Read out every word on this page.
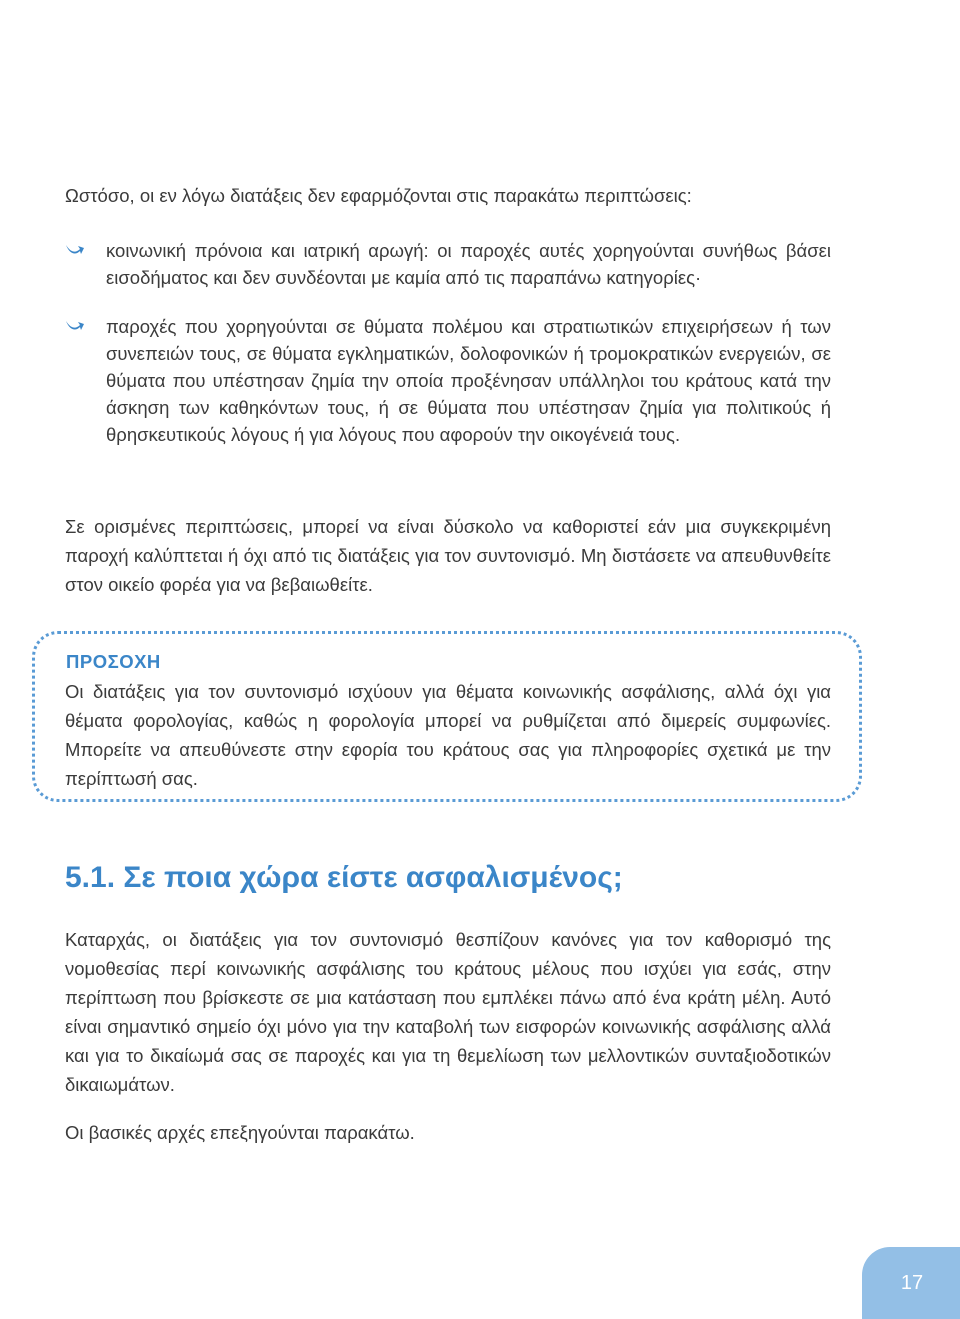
Ωστόσο, οι εν λόγω διατάξεις δεν εφαρμόζονται στις παρακάτω περιπτώσεις:

κοινωνική πρόνοια και ιατρική αρωγή: οι παροχές αυτές χορηγούνται συνήθως βάσει εισοδήματος και δεν συνδέονται με καμία από τις παραπάνω κατηγορίες·
παροχές που χορηγούνται σε θύματα πολέμου και στρατιωτικών επιχειρήσεων ή των συνεπειών τους, σε θύματα εγκληματικών, δολοφονικών ή τρομοκρατικών ενεργειών, σε θύματα που υπέστησαν ζημία την οποία προξένησαν υπάλληλοι του κράτους κατά την άσκηση των καθηκόντων τους, ή σε θύματα που υπέστησαν ζημία για πολιτικούς ή θρησκευτικούς λόγους ή για λόγους που αφορούν την οικογένειά τους.

Σε ορισμένες περιπτώσεις, μπορεί να είναι δύσκολο να καθοριστεί εάν μια συγκεκριμένη παροχή καλύπτεται ή όχι από τις διατάξεις για τον συντονισμό. Μη διστάσετε να απευθυνθείτε στον οικείο φορέα για να βεβαιωθείτε.

ΠΡΟΣΟΧΗ

Οι διατάξεις για τον συντονισμό ισχύουν για θέματα κοινωνικής ασφάλισης, αλλά όχι για θέματα φορολογίας, καθώς η φορολογία μπορεί να ρυθμίζεται από διμερείς συμφωνίες. Μπορείτε να απευθύνεστε στην εφορία του κράτους σας για πληροφορίες σχετικά με την περίπτωσή σας.

5.1. Σε ποια χώρα είστε ασφαλισμένος;

Καταρχάς, οι διατάξεις για τον συντονισμό θεσπίζουν κανόνες για τον καθορισμό της νομοθεσίας περί κοινωνικής ασφάλισης του κράτους μέλους που ισχύει για εσάς, στην περίπτωση που βρίσκεστε σε μια κατάσταση που εμπλέκει πάνω από ένα κράτη μέλη. Αυτό είναι σημαντικό σημείο όχι μόνο για την καταβολή των εισφορών κοινωνικής ασφάλισης αλλά και για το δικαίωμά σας σε παροχές και για τη θεμελίωση των μελλοντικών συνταξιοδοτικών δικαιωμάτων.

Οι βασικές αρχές επεξηγούνται παρακάτω.

17
